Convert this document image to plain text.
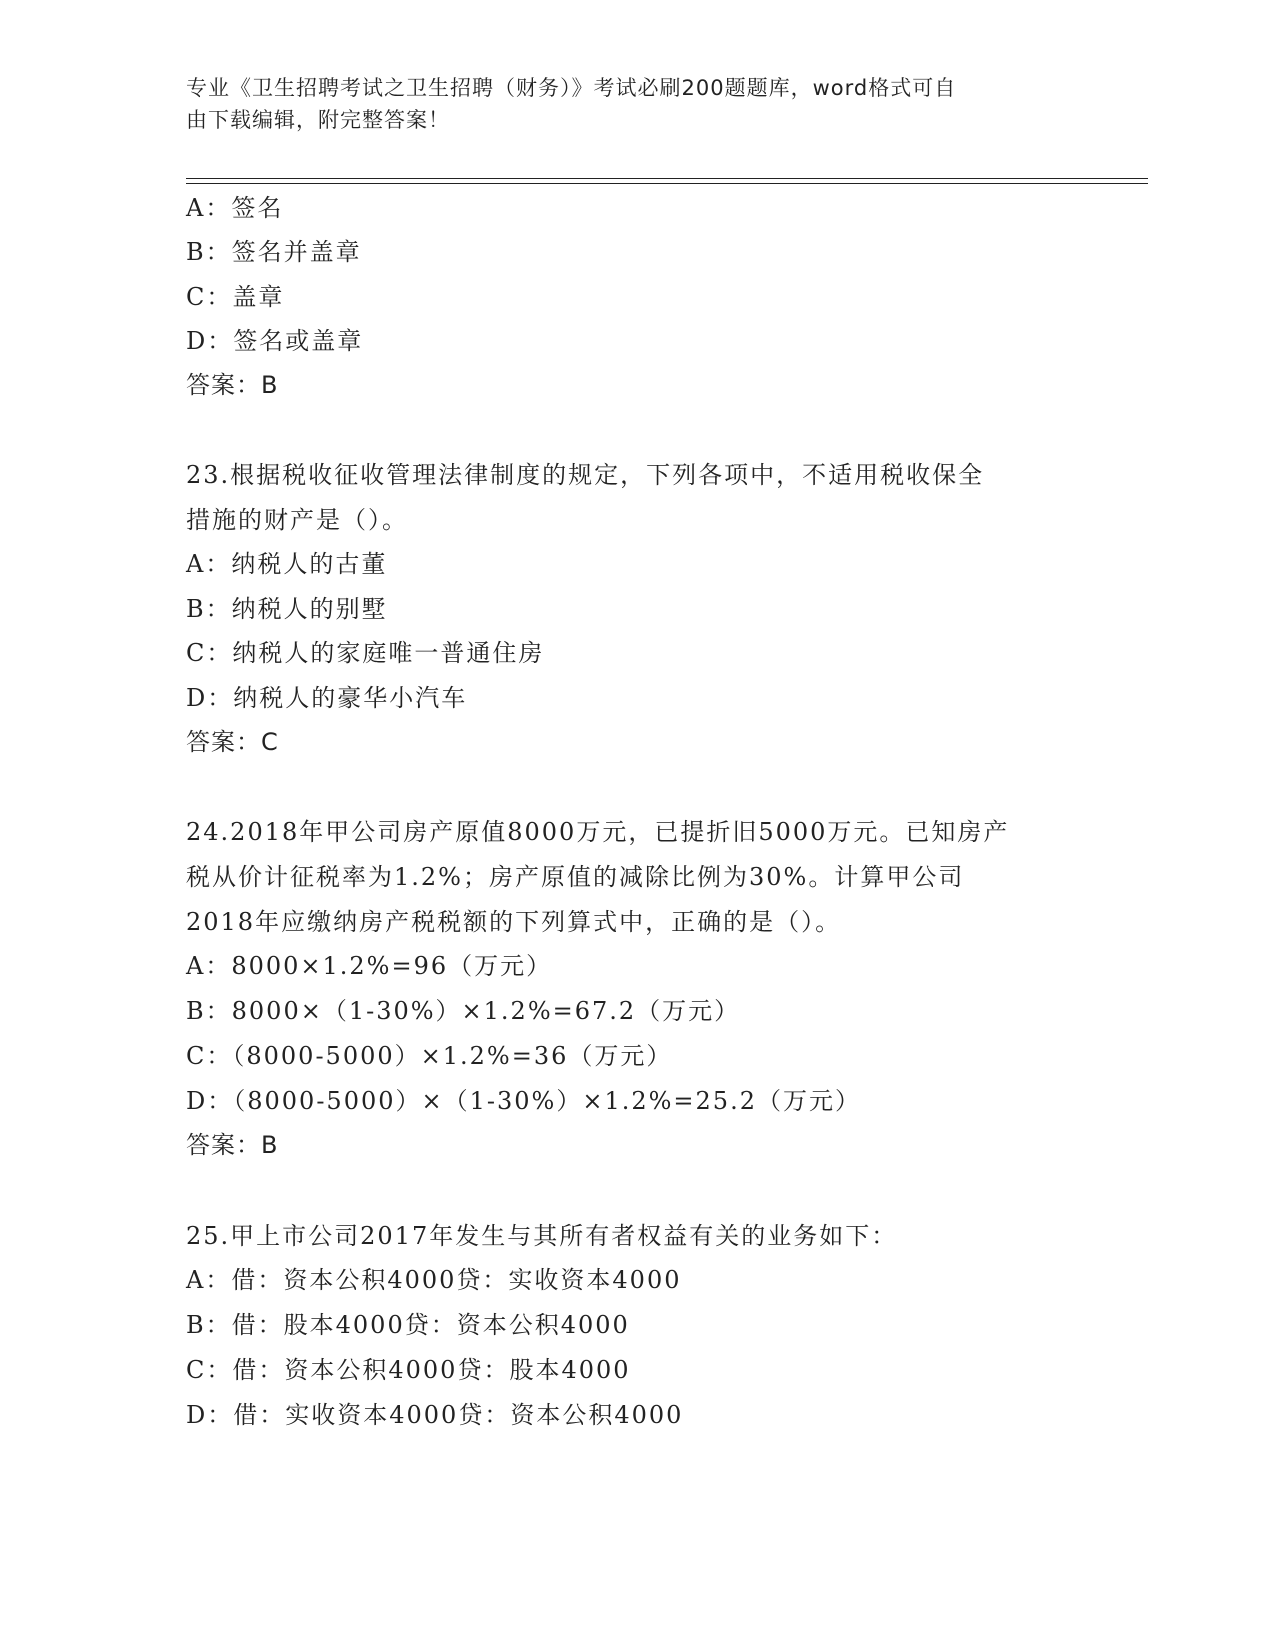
专业《卫生招聘考试之卫生招聘（财务）》考试必刷200题题库，word格式可自
由下载编辑，附完整答案！
A：签名
B：签名并盖章
C：盖章
D：签名或盖章
答案：B
23.根据税收征收管理法律制度的规定，下列各项中，不适用税收保全
措施的财产是（）。
A：纳税人的古董
B：纳税人的别墅
C：纳税人的家庭唯一普通住房
D：纳税人的豪华小汽车
答案：C
24.2018年甲公司房产原值8000万元，已提折旧5000万元。已知房产
税从价计征税率为1.2%；房产原值的减除比例为30%。计算甲公司
2018年应缴纳房产税税额的下列算式中，正确的是（）。
A：8000×1.2%=96（万元）
B：8000×（1-30%）×1.2%=67.2（万元）
C：（8000-5000）×1.2%=36（万元）
D：（8000-5000）×（1-30%）×1.2%=25.2（万元）
答案：B
25.甲上市公司2017年发生与其所有者权益有关的业务如下：
A：借：资本公积4000贷：实收资本4000
B：借：股本4000贷：资本公积4000
C：借：资本公积4000贷：股本4000
D：借：实收资本4000贷：资本公积4000
